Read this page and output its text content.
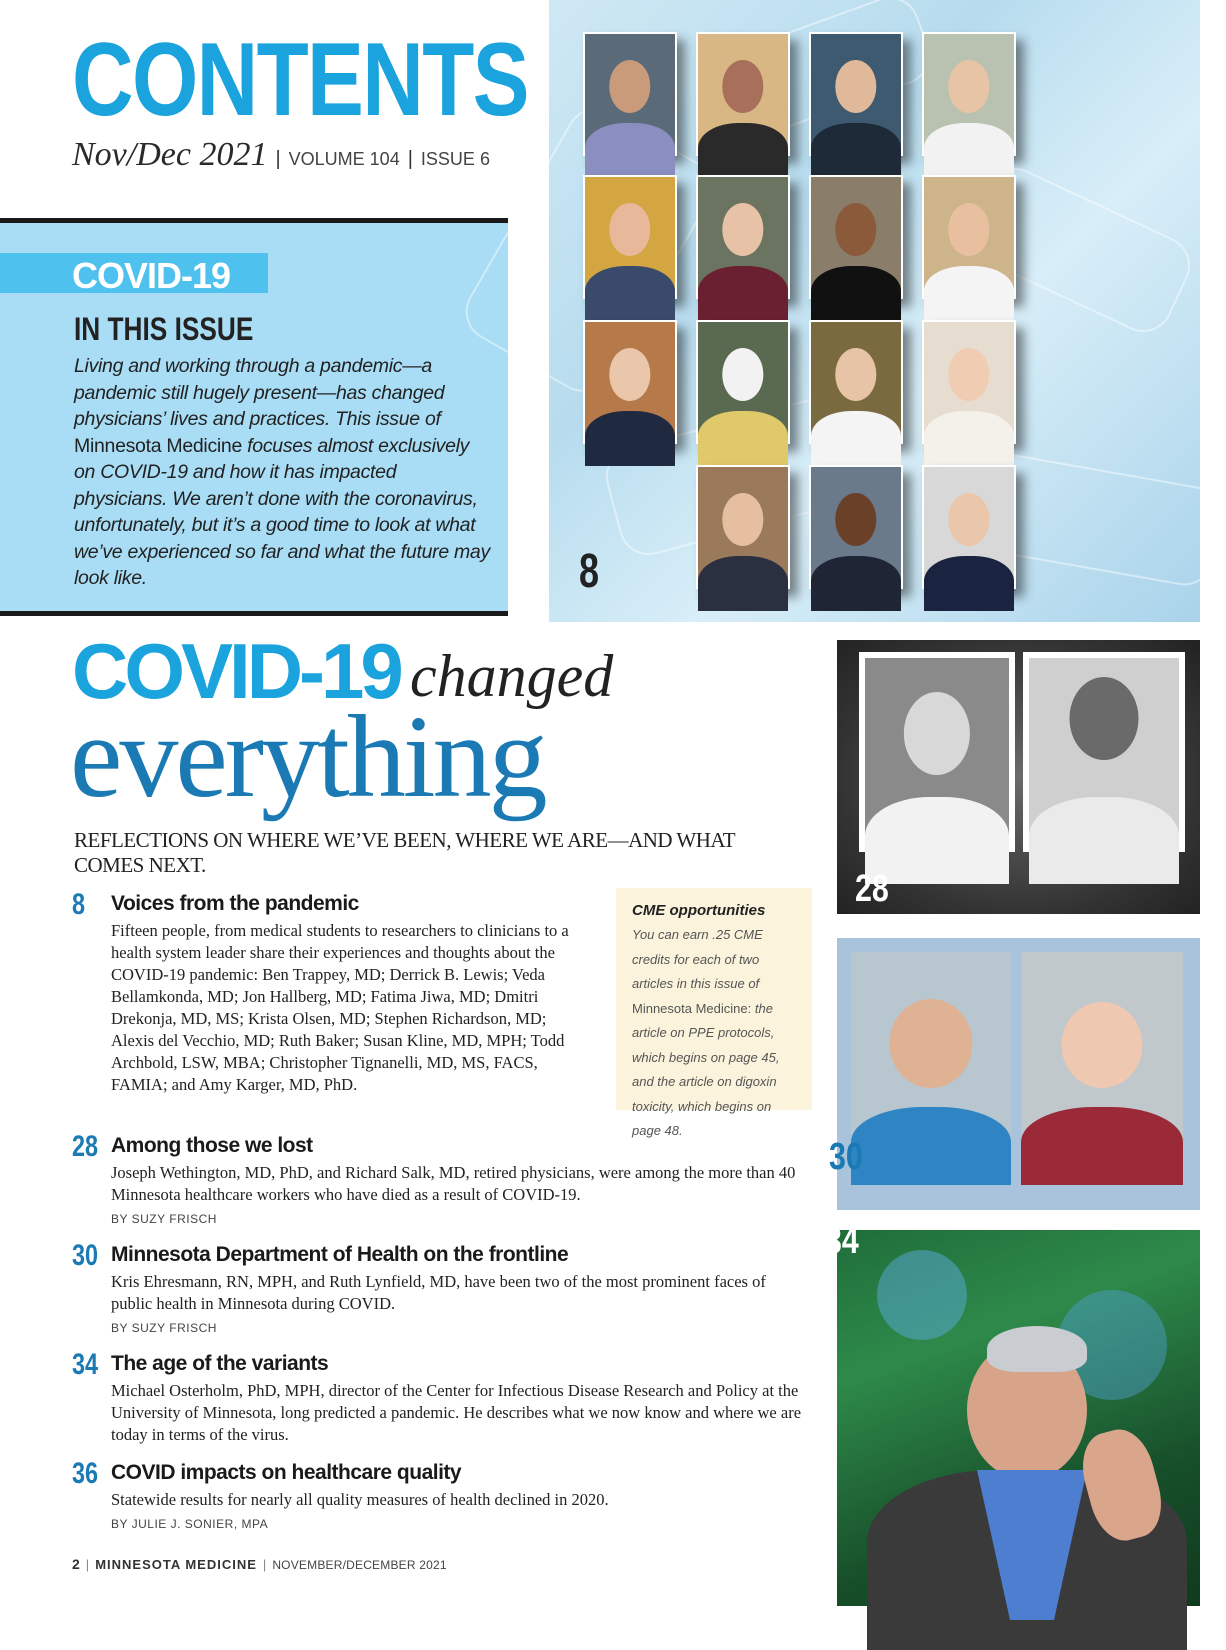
CONTENTS
Nov/Dec 2021 | VOLUME 104 | ISSUE 6
COVID-19
IN THIS ISSUE

Living and working through a pandemic—a pandemic still hugely present—has changed physicians’ lives and practices. This issue of Minnesota Medicine focuses almost exclusively on COVID-19 and how it has impacted physicians. We aren’t done with the coronavirus, unfortunately, but it’s a good time to look at what we’ve experienced so far and what the future may look like.	8
COVID-19 changed
everything
REFLECTIONS ON WHERE WE’VE BEEN, WHERE WE ARE—AND WHAT COMES NEXT.
8	Voices from the pandemic
Fifteen people, from medical students to researchers to clinicians to a health system leader share their experiences and thoughts about the COVID-19 pandemic: Ben Trappey, MD; Derrick B. Lewis; Veda Bellamkonda, MD; Jon Hallberg, MD; Fatima Jiwa, MD; Dmitri Drekonja, MD, MS; Krista Olsen, MD; Stephen Richardson, MD; Alexis del Vecchio, MD; Ruth Baker; Susan Kline, MD, MPH; Todd Archbold, LSW, MBA; Christopher Tignanelli, MD, MS, FACS, FAMIA; and Amy Karger, MD, PhD.
28 Among those we lost
Joseph Wethington, MD, PhD, and Richard Salk, MD, retired physicians, were among the more than 40 Minnesota healthcare workers who have died as a result of COVID-19.
BY SUZY FRISCH
30 Minnesota Department of Health on the frontline
Kris Ehresmann, RN, MPH, and Ruth Lynfield, MD, have been two of the most prominent faces of public health in Minnesota during COVID.
BY SUZY FRISCH
34 The age of the variants
Michael Osterholm, PhD, MPH, director of the Center for Infectious Disease Research and Policy at the University of Minnesota, long predicted a pandemic. He describes what we now know and where we are today in terms of the virus.
36 COVID impacts on healthcare quality
Statewide results for nearly all quality measures of health declined in 2020.
BY JULIE J. SONIER, MPA
CME opportunities
You can earn .25 CME credits for each of two articles in this issue of Minnesota Medicine: the article on PPE protocols, which begins on page 45, and the article on digoxin toxicity, which begins on page 48.
28
30
34
2 | MINNESOTA MEDICINE | NOVEMBER/DECEMBER 2021
